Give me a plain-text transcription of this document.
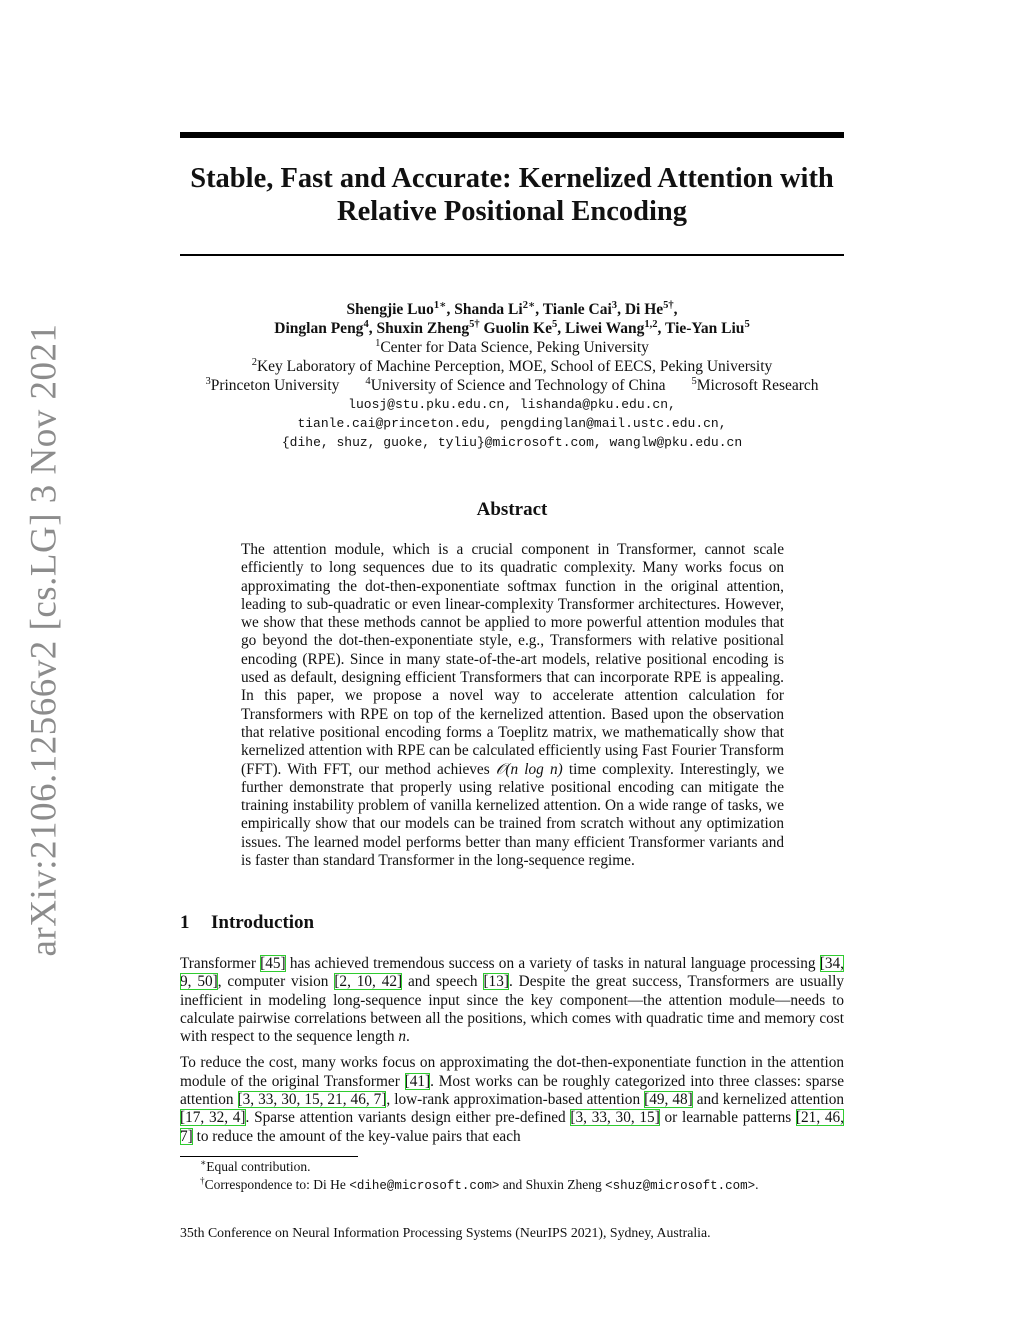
arXiv:2106.12566v2 [cs.LG] 3 Nov 2021
Stable, Fast and Accurate: Kernelized Attention with
Relative Positional Encoding
Shengjie Luo$^{1∗}$, Shanda $Li^{2∗}$, Tianle Cai$^3$, Di $He^{5\dagger}$,
Dinglan Peng$^4$, Shuxin Zheng$^{5\dagger}$ Guolin Ke$^5$, Liwei Wang$^{1,2}$, Tie-Yan Liu$^5$
$^1$Center for Data Science, Peking University
$^2$Key Laboratory of Machine Perception, MOE, School of EECS, Peking University
$^3$Princeton University $^4$University of Science and Technology of China $^5$Microsoft Research
luosj@stu.pku.edu.cn, lishanda@pku.edu.cn,
tianle.cai@princeton.edu, pengdinglan@mail.ustc.edu.cn,
{dihe, shuz, guoke, tyliu}@microsoft.com, wanglw@pku.edu.cn
Abstract

The attention module, which is a crucial component in Transformer, cannot scale efficiently to long sequences due to its quadratic complexity. Many works focus on approximating the dot-then-exponentiate softmax function in the original attention, leading to sub-quadratic or even linear-complexity Transformer architectures. However, we show that these methods cannot be applied to more powerful attention modules that go beyond the dot-then-exponentiate style, e.g., Transformers with relative positional encoding (RPE). Since in many state-of-the-art models, relative positional encoding is used as default, designing efficient Transformers that can incorporate RPE is appealing. In this paper, we propose a novel way to accelerate attention calculation for Transformers with RPE on top of the kernelized attention. Based upon the observation that relative positional encoding forms a Toeplitz matrix, we mathematically show that kernelized attention with RPE can be calculated efficiently using Fast Fourier Transform (FFT). With FFT, our method achieves 𝒪(n log n) time complexity. Interestingly, we further demonstrate that properly using relative positional encoding can mitigate the training instability problem of vanilla kernelized attention. On a wide range of tasks, we empirically show that our models can be trained from scratch without any optimization issues. The learned model performs better than many efficient Transformer variants and is faster than standard Transformer in the long-sequence regime.

1 Introduction

Transformer [45] has achieved tremendous success on a variety of tasks in natural language processing [34, 9, 50], computer vision [2, 10, 42] and speech [13]. Despite the great success, Transformers are usually inefficient in modeling long-sequence input since the key component—the attention module—needs to calculate pairwise correlations between all the positions, which comes with quadratic time and memory cost with respect to the sequence length n.

To reduce the cost, many works focus on approximating the dot-then-exponentiate function in the attention module of the original Transformer [41]. Most works can be roughly categorized into three classes: sparse attention [3, 33, 30, 15, 21, 46, 7], low-rank approximation-based attention [49, 48] and kernelized attention [17, 32, 4]. Sparse attention variants design either pre-defined [3, 33, 30, 15] or learnable patterns [21, 46, 7] to reduce the amount of the key-value pairs that each

∗Equal contribution.
†Correspondence to: Di He <dihe@microsoft.com> and Shuxin Zheng <shuz@microsoft.com>.
35th Conference on Neural Information Processing Systems (NeurIPS 2021), Sydney, Australia.
